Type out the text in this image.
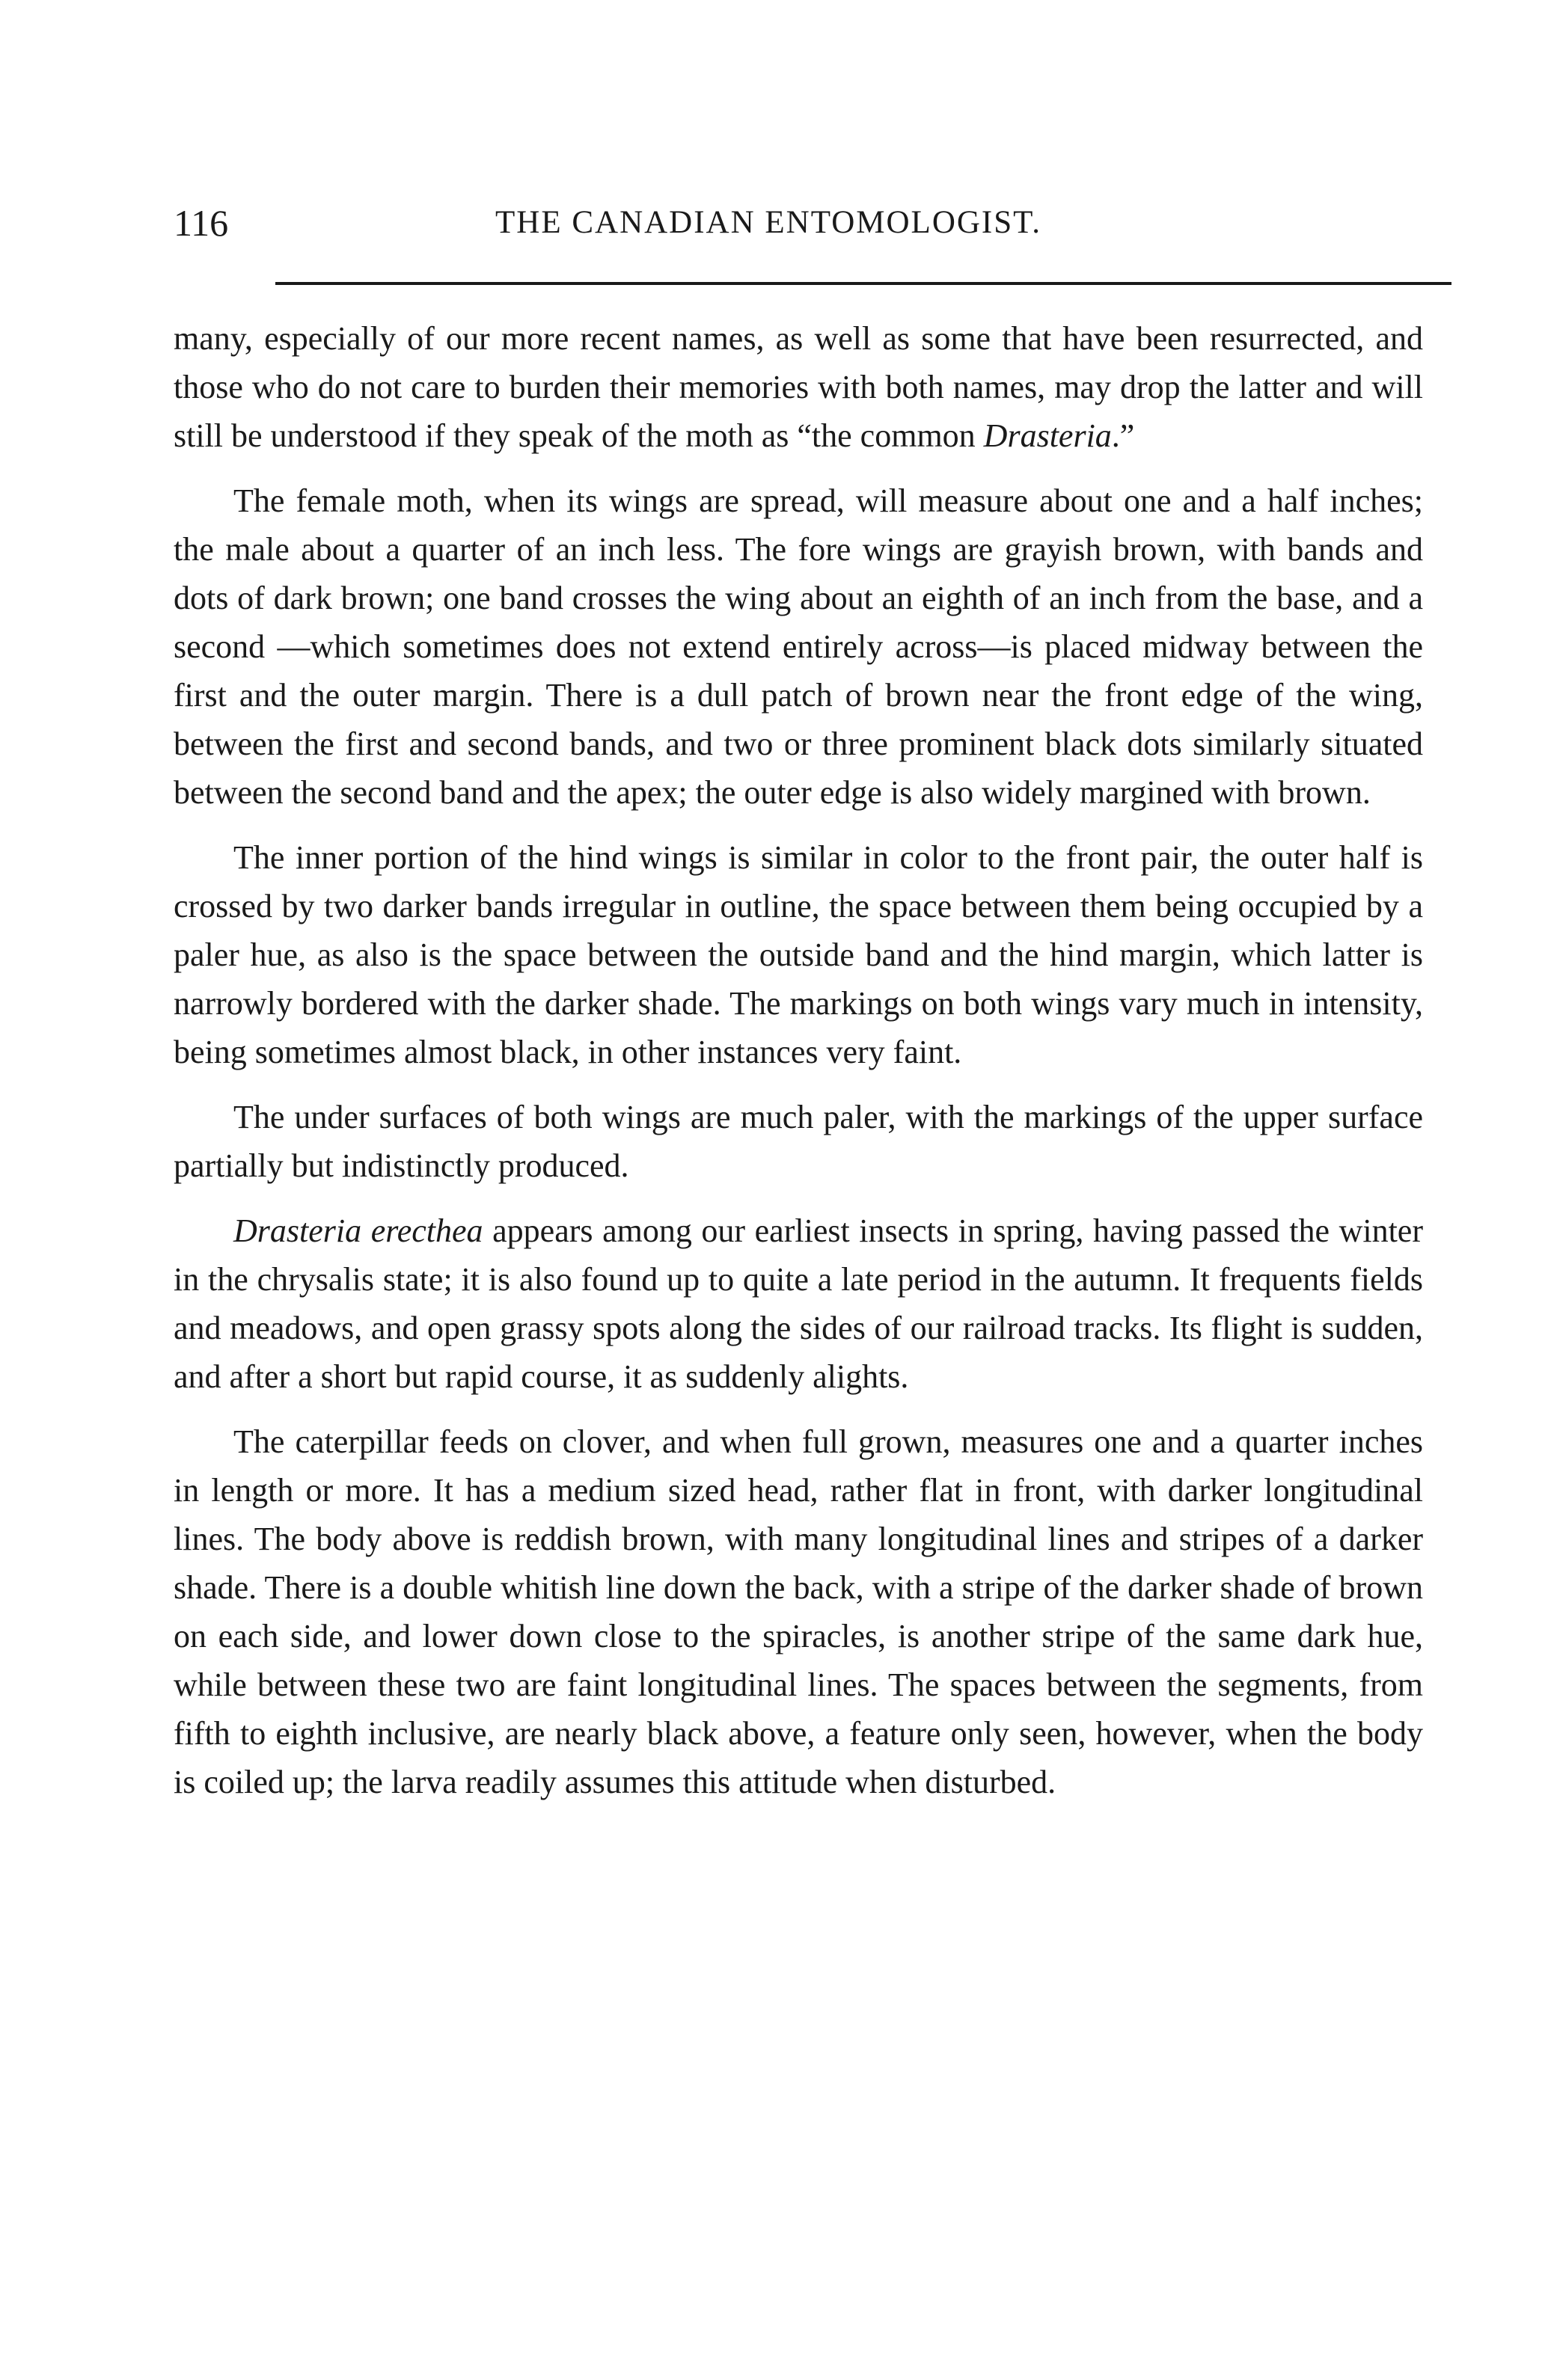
116	THE CANADIAN ENTOMOLOGIST.

many, especially of our more recent names, as well as some that have been resurrected, and those who do not care to burden their memories with both names, may drop the latter and will still be understood if they speak of the moth as “the common Drasteria.”

The female moth, when its wings are spread, will measure about one and a half inches; the male about a quarter of an inch less. The fore wings are grayish brown, with bands and dots of dark brown; one band crosses the wing about an eighth of an inch from the base, and a second —which sometimes does not extend entirely across—is placed midway between the first and the outer margin. There is a dull patch of brown near the front edge of the wing, between the first and second bands, and two or three prominent black dots similarly situated between the second band and the apex; the outer edge is also widely margined with brown.

The inner portion of the hind wings is similar in color to the front pair, the outer half is crossed by two darker bands irregular in outline, the space between them being occupied by a paler hue, as also is the space between the outside band and the hind margin, which latter is narrowly bordered with the darker shade. The markings on both wings vary much in intensity, being sometimes almost black, in other instances very faint.

The under surfaces of both wings are much paler, with the markings of the upper surface partially but indistinctly produced.

Drasteria erecthea appears among our earliest insects in spring, having passed the winter in the chrysalis state; it is also found up to quite a late period in the autumn. It frequents fields and meadows, and open grassy spots along the sides of our railroad tracks. Its flight is sudden, and after a short but rapid course, it as suddenly alights.

The caterpillar feeds on clover, and when full grown, measures one and a quarter inches in length or more. It has a medium sized head, rather flat in front, with darker longitudinal lines. The body above is reddish brown, with many longitudinal lines and stripes of a darker shade. There is a double whitish line down the back, with a stripe of the darker shade of brown on each side, and lower down close to the spiracles, is another stripe of the same dark hue, while between these two are faint longitudinal lines. The spaces between the segments, from fifth to eighth inclusive, are nearly black above, a feature only seen, however, when the body is coiled up; the larva readily assumes this attitude when disturbed.
